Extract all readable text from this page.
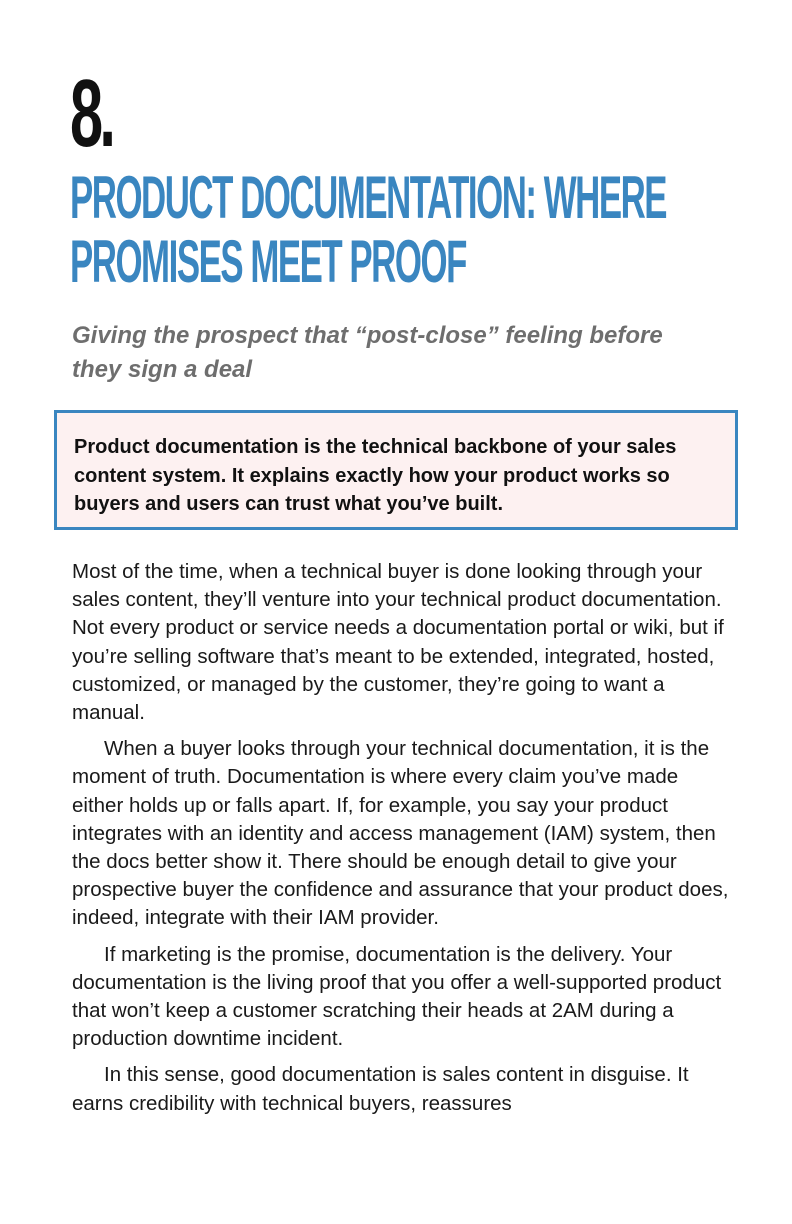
8.
PRODUCT DOCUMENTATION: WHERE PROMISES MEET PROOF
Giving the prospect that “post-close” feeling before they sign a deal
Product documentation is the technical backbone of your sales content system. It explains exactly how your product works so buyers and users can trust what you’ve built.

Most of the time, when a technical buyer is done looking through your sales content, they’ll venture into your technical product documentation. Not every product or service needs a documentation portal or wiki, but if you’re selling software that’s meant to be extended, integrated, hosted, customized, or managed by the customer, they’re going to want a manual.

When a buyer looks through your technical documentation, it is the moment of truth. Documentation is where every claim you’ve made either holds up or falls apart. If, for example, you say your product integrates with an identity and access management (IAM) system, then the docs better show it. There should be enough detail to give your prospective buyer the confidence and assurance that your product does, indeed, integrate with their IAM provider.

If marketing is the promise, documentation is the delivery. Your documentation is the living proof that you offer a well-supported product that won’t keep a customer scratching their heads at 2AM during a production downtime incident.

In this sense, good documentation is sales content in disguise. It earns credibility with technical buyers, reassures
